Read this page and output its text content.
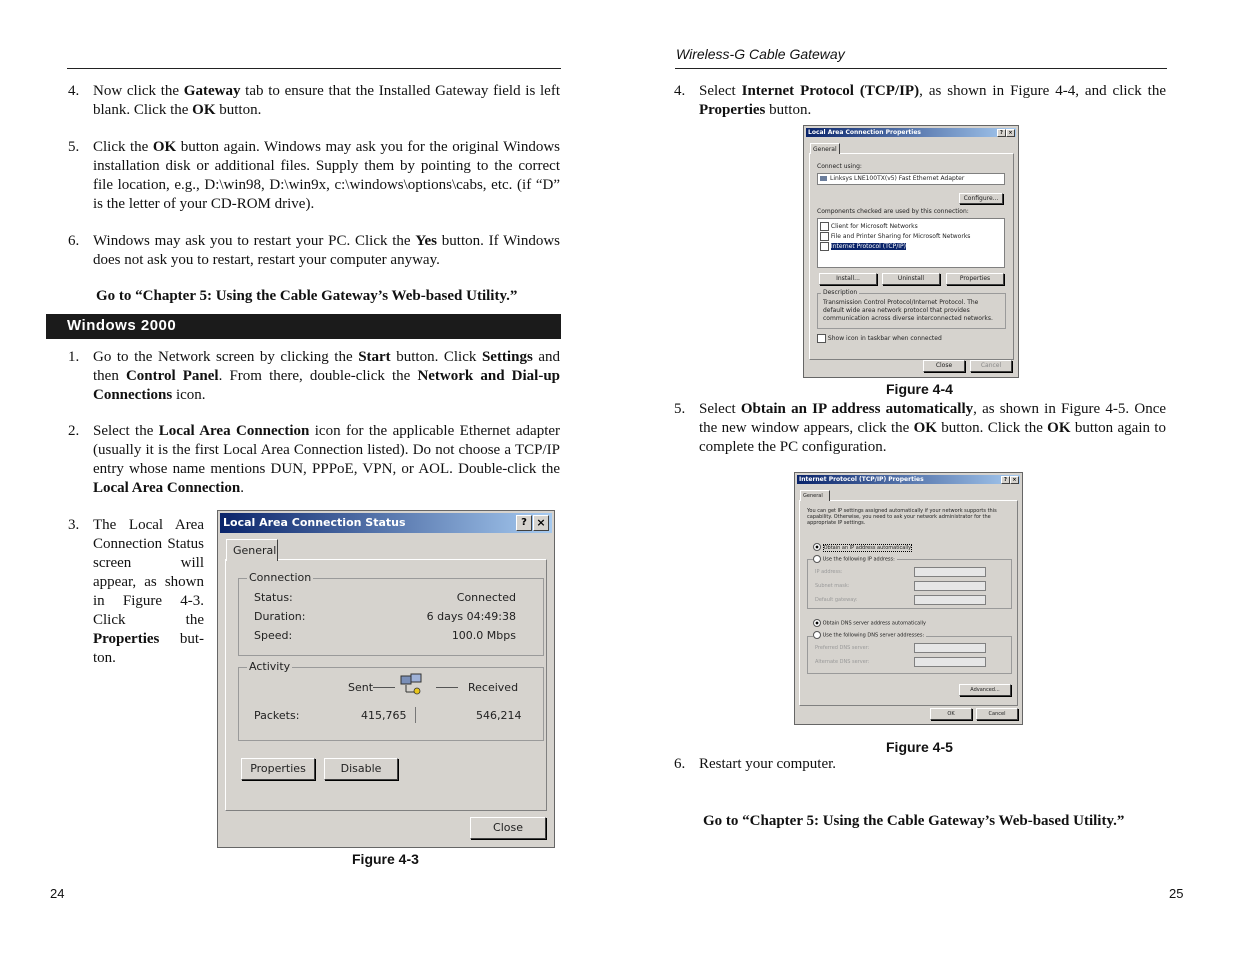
4. Now click the Gateway tab to ensure that the Installed Gateway field is left blank. Click the OK button.
5. Click the OK button again. Windows may ask you for the original Windows installation disk or additional files. Supply them by pointing to the correct file location, e.g., D:\win98, D:\win9x, c:\windows\options\cabs, etc. (if “D” is the letter of your CD-ROM drive).
6. Windows may ask you to restart your PC. Click the Yes button. If Windows does not ask you to restart, restart your computer anyway.
Go to “Chapter 5: Using the Cable Gateway’s Web-based Utility.”
Windows 2000
1. Go to the Network screen by clicking the Start button. Click Settings and then Control Panel. From there, double-click the Network and Dial-up Connections icon.
2. Select the Local Area Connection icon for the applicable Ethernet adapter (usually it is the first Local Area Connection listed). Do not choose a TCP/IP entry whose name mentions DUN, PPPoE, VPN, or AOL. Double-click the Local Area Connection.
3. The Local Area Connection Status screen will appear, as shown in Figure 4-3. Click the Properties but-ton.
Local Area Connection Status	? ×
General
Connection
Status:	Connected
Duration:	6 days 04:49:38
Speed:	100.0 Mbps
Activity
Sent	Received
Packets:	415,765	546,214
Properties	Disable
Close
Figure 4-3
24
Wireless-G Cable Gateway
4. Select Internet Protocol (TCP/IP), as shown in Figure 4-4, and click the Properties button.
5. Select Obtain an IP address automatically, as shown in Figure 4-5. Once the new window appears, click the OK button. Click the OK button again to complete the PC configuration.
6. Restart your computer.
Local Area Connection Properties	?	×
General
Connect using:
Linksys LNE100TX(v5) Fast Ethernet Adapter
Configure...
Components checked are used by this connection:
Client for Microsoft Networks
File and Printer Sharing for Microsoft Networks
Internet Protocol (TCP/IP)
Install...	Uninstall	Properties
Description
Transmission Control Protocol/Internet Protocol. The default wide area network protocol that provides communication across diverse interconnected networks.
Show icon in taskbar when connected
Close	Cancel
Figure 4-4
Internet Protocol (TCP/IP) Properties	?	×
General
You can get IP settings assigned automatically if your network supports this capability. Otherwise, you need to ask your network administrator for the appropriate IP settings.
Obtain an IP address automatically
Use the following IP address:
IP address:
Subnet mask:
Default gateway:
Obtain DNS server address automatically
Use the following DNS server addresses:
Preferred DNS server:
Alternate DNS server:
Advanced...
OK	Cancel
Figure 4-5
Go to “Chapter 5: Using the Cable Gateway’s Web-based Utility.”
25
